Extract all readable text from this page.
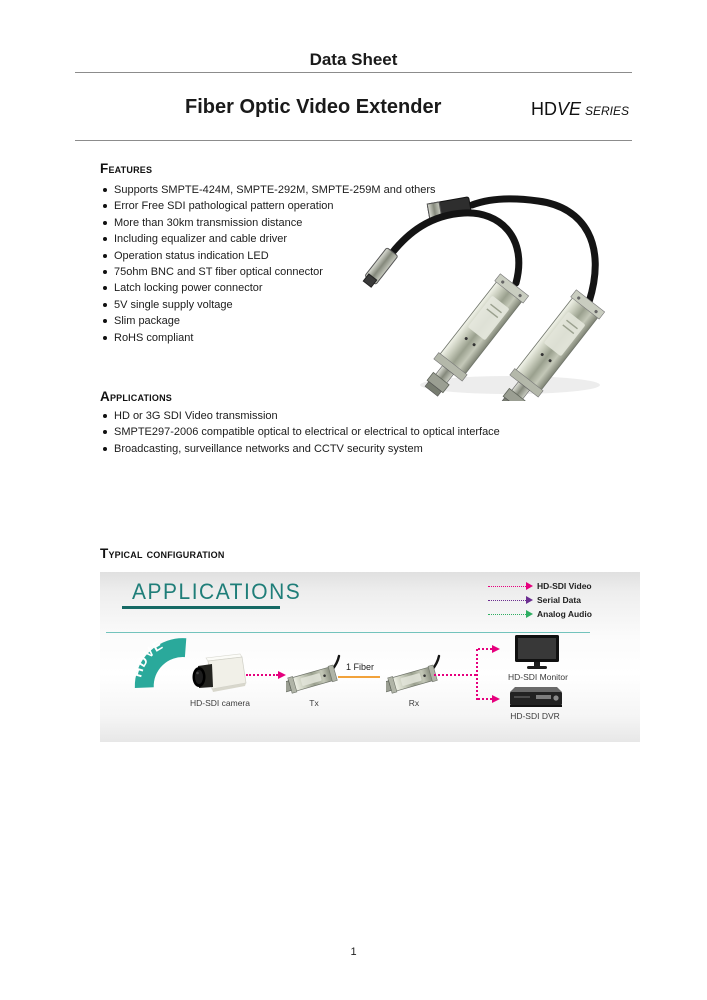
Data Sheet
Fiber Optic Video Extender	HDVE SERIES
Features
Supports SMPTE-424M, SMPTE-292M, SMPTE-259M and others
Error Free SDI pathological pattern operation
More than 30km transmission distance
Including equalizer and cable driver
Operation status indication LED
75ohm BNC and ST fiber optical connector
Latch locking power connector
5V single supply voltage
Slim package
RoHS compliant
Applications
HD or 3G SDI Video transmission
SMPTE297-2006 compatible optical to electrical or electrical to optical interface
Broadcasting, surveillance networks and CCTV security system
Typical configuration
APPLICATIONS	HD-SDI Video
Serial Data
Analog Audio
HDVE
HD-SDI camera	Tx
1 Fiber
Rx
HD-SDI Monitor
HD-SDI DVR
1
